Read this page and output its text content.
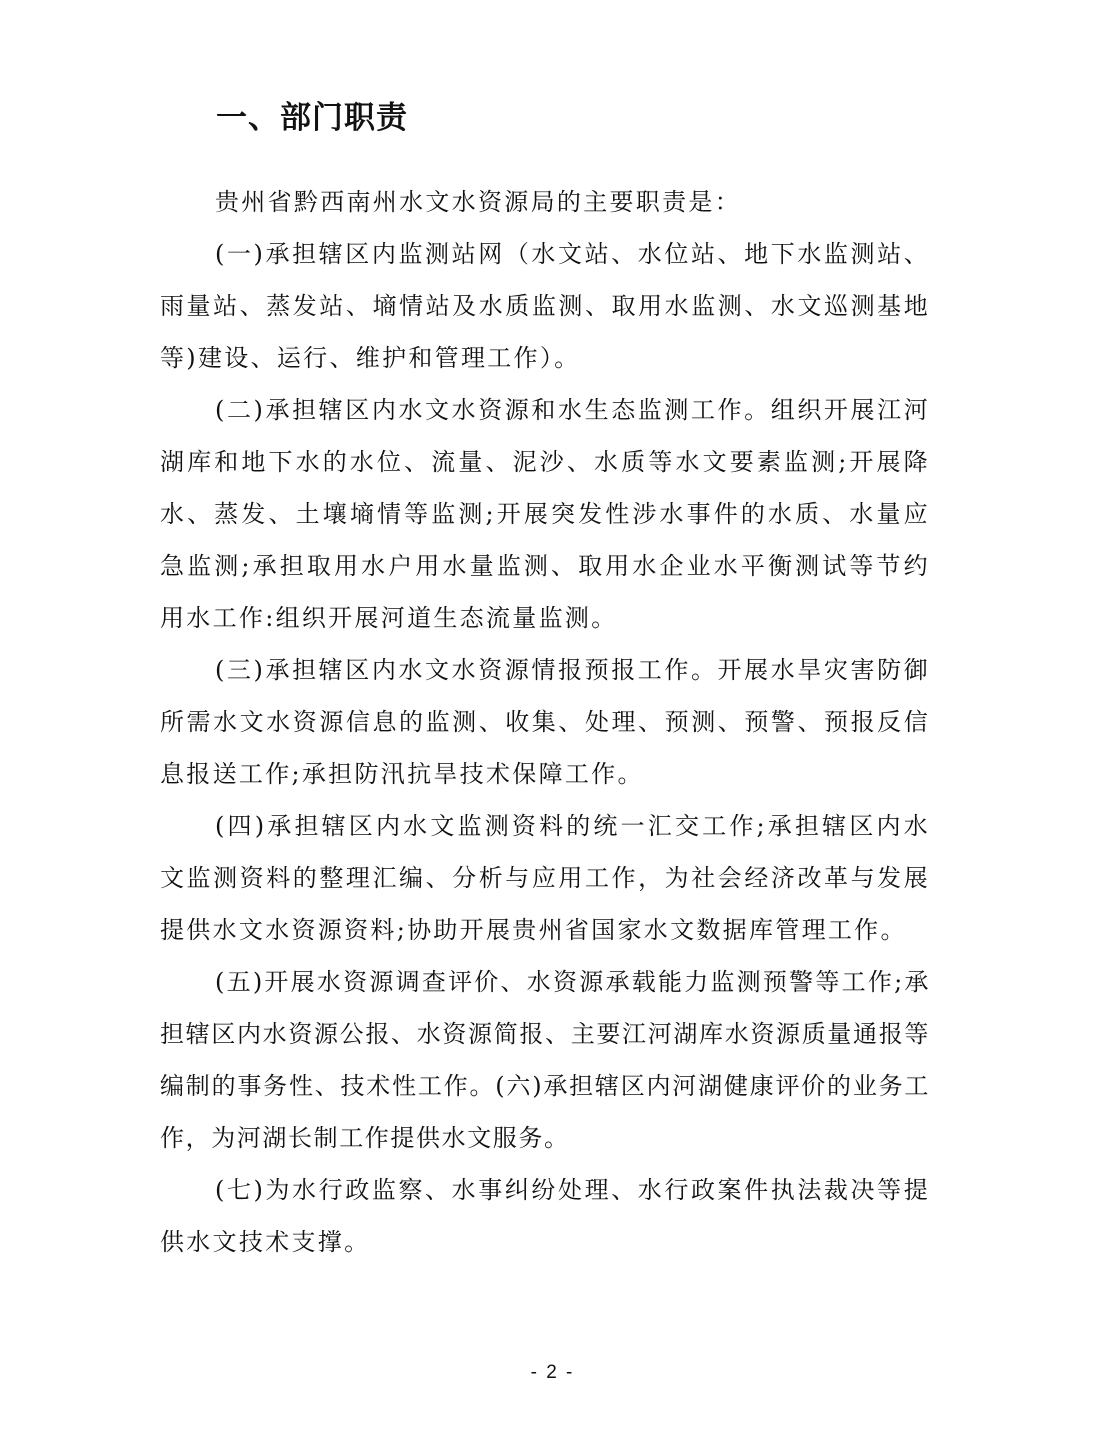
一、部门职责

贵州省黔西南州水文水资源局的主要职责是：

(一)承担辖区内监测站网（水文站、水位站、地下水监测站、雨量站、蒸发站、墒情站及水质监测、取用水监测、水文巡测基地等)建设、运行、维护和管理工作）。

(二)承担辖区内水文水资源和水生态监测工作。组织开展江河湖库和地下水的水位、流量、泥沙、水质等水文要素监测;开展降水、蒸发、土壤墒情等监测;开展突发性涉水事件的水质、水量应急监测;承担取用水户用水量监测、取用水企业水平衡测试等节约用水工作:组织开展河道生态流量监测。

(三)承担辖区内水文水资源情报预报工作。开展水旱灾害防御所需水文水资源信息的监测、收集、处理、预测、预警、预报反信息报送工作;承担防汛抗旱技术保障工作。

(四)承担辖区内水文监测资料的统一汇交工作;承担辖区内水文监测资料的整理汇编、分析与应用工作，为社会经济改革与发展提供水文水资源资料;协助开展贵州省国家水文数据库管理工作。

(五)开展水资源调查评价、水资源承载能力监测预警等工作;承担辖区内水资源公报、水资源简报、主要江河湖库水资源质量通报等编制的事务性、技术性工作。(六)承担辖区内河湖健康评价的业务工作，为河湖长制工作提供水文服务。

(七)为水行政监察、水事纠纷处理、水行政案件执法裁决等提供水文技术支撑。

- 2 -
